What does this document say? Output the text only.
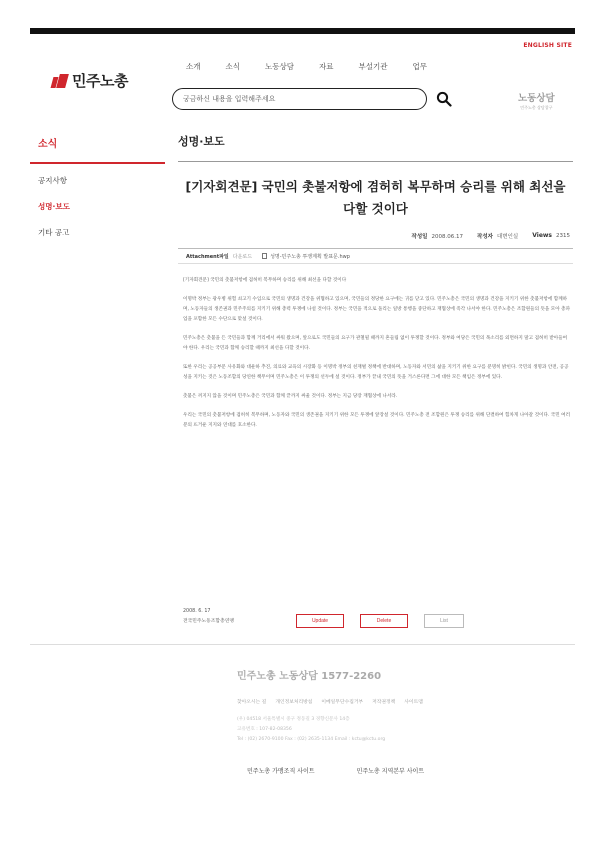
ENGLISH SITE
민주노총
소개	소식	노동상담	자료	부설기관	업무
궁금하신 내용을 입력해주세요	노동상담
민주노총 상담창구
소식
공지사항
성명·보도
기타 공고
성명·보도
[기자회견문] 국민의 촛불저항에 겸허히 복무하며 승리를 위해 최선을
다할 것이다
작성일 2008.06.17	작성자 대변인실 Views 2315
Attachment파일 다운로드	성명-민주노총 투쟁계획 발표문.hwp

[기자회견문] 국민의 촛불저항에 겸허히 복무하며 승리를 위해 최선을 다할 것이다

이명박 정부는 광우병 위험 쇠고기 수입으로 국민의 생명과 건강을 위협하고 있으며, 국민들의 정당한 요구에는 귀를 닫고 있다. 민주노총은 국민의 생명과 건강을 지키기 위한 촛불저항에 함께하며, 노동자들의 생존권과 민주주의를 지키기 위해 총력 투쟁에 나설 것이다. 정부는 국민을 적으로 돌리는 일방 통행을 중단하고 재협상에 즉각 나서야 한다. 민주노총은 조합원들의 뜻을 모아 총파업을 포함한 모든 수단으로 맞설 것이다.

민주노총은 촛불을 든 국민들과 함께 거리에서 싸워 왔으며, 앞으로도 국민들의 요구가 관철될 때까지 흔들림 없이 투쟁할 것이다. 정부와 여당은 국민의 목소리를 외면하지 말고 겸허히 받아들여야 한다. 우리는 국민과 함께 승리할 때까지 최선을 다할 것이다.

또한 우리는 공공부문 사유화와 대운하 추진, 의료와 교육의 시장화 등 이명박 정부의 친재벌 정책에 반대하며, 노동자와 서민의 삶을 지키기 위한 요구를 분명히 밝힌다. 국민의 생명과 안전, 공공성을 지키는 것은 노동조합의 당연한 책무이며 민주노총은 이 투쟁의 선두에 설 것이다. 정부가 끝내 국민의 뜻을 거스른다면 그에 대한 모든 책임은 정부에 있다.

촛불은 꺼지지 않을 것이며 민주노총은 국민과 함께 끝까지 싸울 것이다. 정부는 지금 당장 재협상에 나서라.

우리는 국민의 촛불저항에 겸허히 복무하며, 노동자와 국민의 생존권을 지키기 위한 모든 투쟁에 앞장설 것이다. 민주노총 전 조합원은 투쟁 승리를 위해 단결하여 힘차게 나아갈 것이다. 국민 여러분의 뜨거운 지지와 연대를 호소한다.

2008. 6. 17
전국민주노동조합총연맹	Update	Delete	List
민주노총 노동상담 1577-2260
찾아오시는 길 개인정보처리방침 이메일무단수집거부 저작권정책 사이트맵
(우) 04518 서울특별시 중구 정동길 3 경향신문사 14층
고유번호 : 107-82-08356
Tel : (02) 2670-9100 Fax : (02) 2635-1134 Email : kctu@kctu.org
민주노총 가맹조직 사이트	민주노총 지역본부 사이트
